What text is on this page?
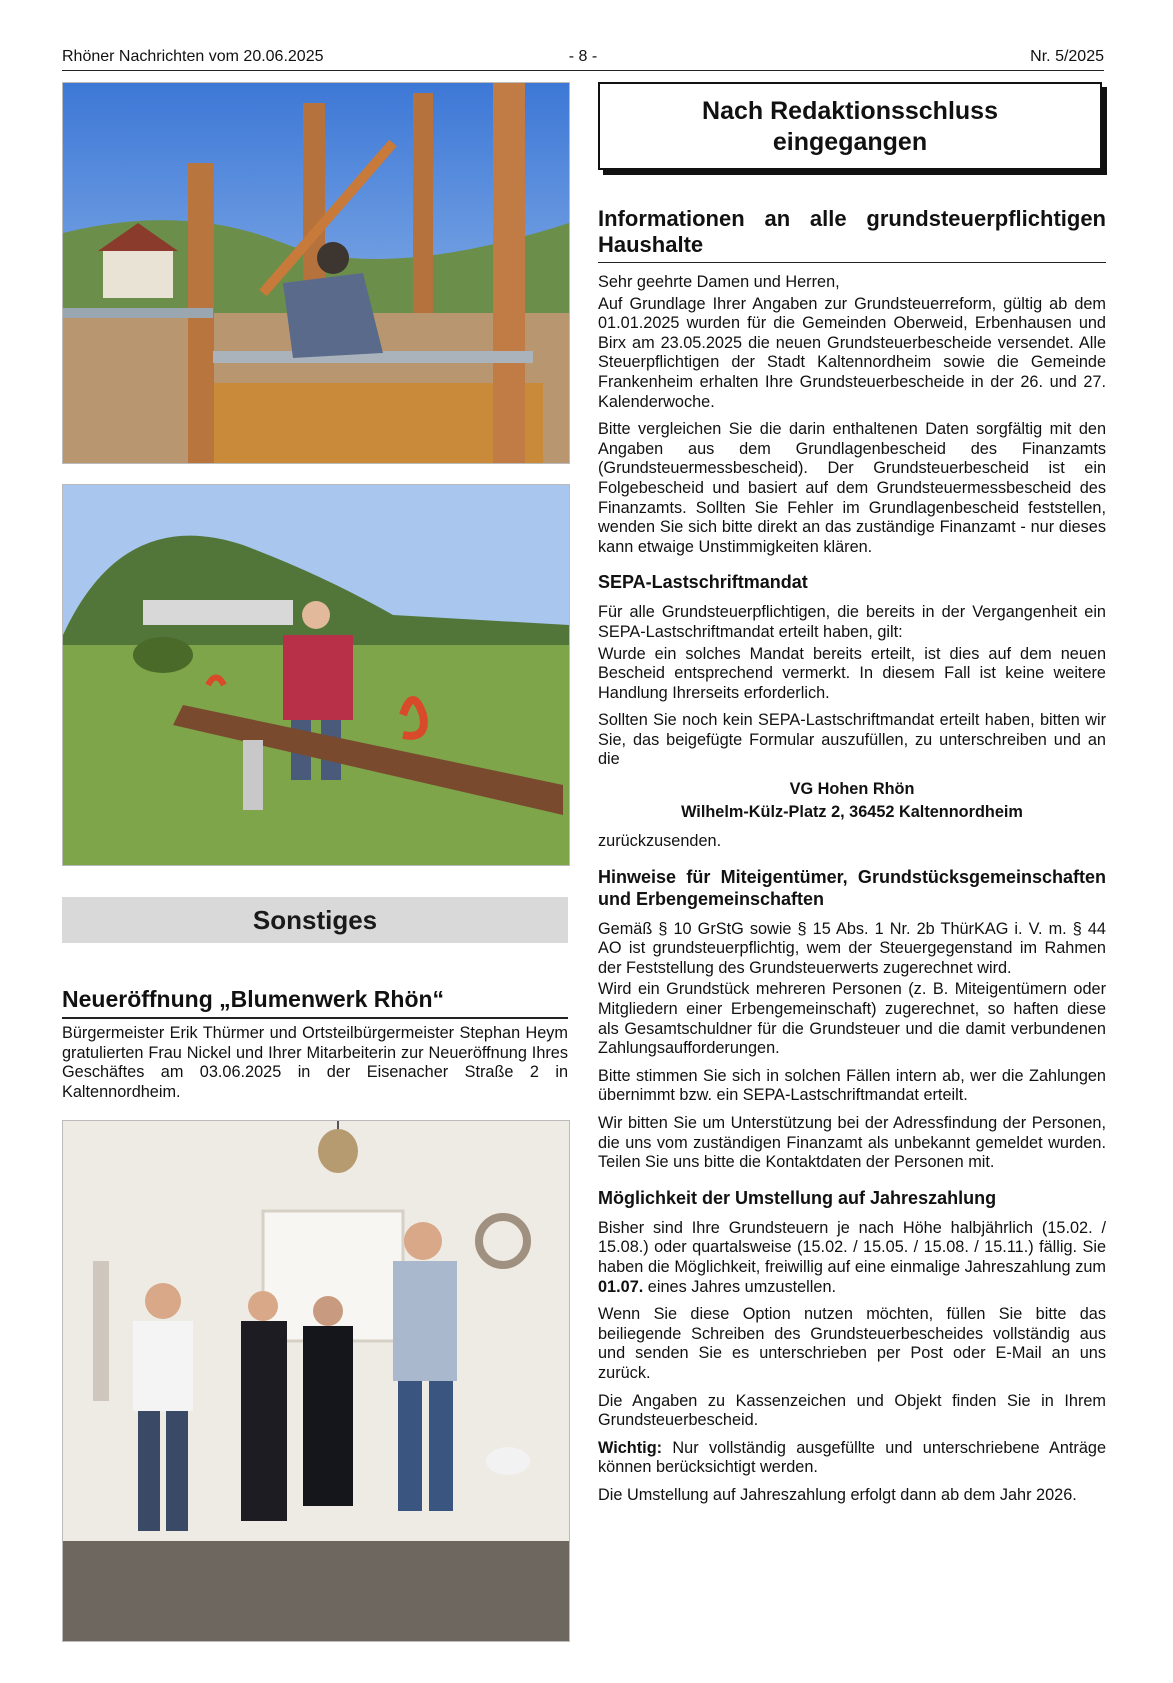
Rhöner Nachrichten vom 20.06.2025	- 8 -	Nr. 5/2025
Sonstiges
Neueröffnung „Blumenwerk Rhön“
Bürgermeister Erik Thürmer und Ortsteilbürgermeister Stephan Heym gratulierten Frau Nickel und Ihrer Mitarbeiterin zur Neueröffnung Ihres Geschäftes am 03.06.2025 in der Eisenacher Straße 2 in Kaltennordheim.
Nach Redaktionsschluss
eingegangen
Informationen an alle grundsteuerpflichtigen Haushalte

Sehr geehrte Damen und Herren,

Auf Grundlage Ihrer Angaben zur Grundsteuerreform, gültig ab dem 01.01.2025 wurden für die Gemeinden Oberweid, Erbenhausen und Birx am 23.05.2025 die neuen Grundsteuerbescheide versendet. Alle Steuerpflichtigen der Stadt Kaltennordheim sowie die Gemeinde Frankenheim erhalten Ihre Grundsteuerbescheide in der 26. und 27. Kalenderwoche.

Bitte vergleichen Sie die darin enthaltenen Daten sorgfältig mit den Angaben aus dem Grundlagenbescheid des Finanzamts (Grundsteuermessbescheid). Der Grundsteuerbescheid ist ein Folgebescheid und basiert auf dem Grundsteuermessbescheid des Finanzamts. Sollten Sie Fehler im Grundlagenbescheid feststellen, wenden Sie sich bitte direkt an das zuständige Finanzamt - nur dieses kann etwaige Unstimmigkeiten klären.

SEPA-Lastschriftmandat

Für alle Grundsteuerpflichtigen, die bereits in der Vergangenheit ein SEPA-Lastschriftmandat erteilt haben, gilt:

Wurde ein solches Mandat bereits erteilt, ist dies auf dem neuen Bescheid entsprechend vermerkt. In diesem Fall ist keine weitere Handlung Ihrerseits erforderlich.

Sollten Sie noch kein SEPA-Lastschriftmandat erteilt haben, bitten wir Sie, das beigefügte Formular auszufüllen, zu unterschreiben und an die

VG Hohen Rhön
Wilhelm-Külz-Platz 2, 36452 Kaltennordheim

zurückzusenden.

Hinweise für Miteigentümer, Grundstücksgemeinschaften und Erbengemeinschaften

Gemäß § 10 GrStG sowie § 15 Abs. 1 Nr. 2b ThürKAG i. V. m. § 44 AO ist grundsteuerpflichtig, wem der Steuergegenstand im Rahmen der Feststellung des Grundsteuerwerts zugerechnet wird.

Wird ein Grundstück mehreren Personen (z. B. Miteigentümern oder Mitgliedern einer Erbengemeinschaft) zugerechnet, so haften diese als Gesamtschuldner für die Grundsteuer und die damit verbundenen Zahlungsaufforderungen.

Bitte stimmen Sie sich in solchen Fällen intern ab, wer die Zahlungen übernimmt bzw. ein SEPA-Lastschriftmandat erteilt.

Wir bitten Sie um Unterstützung bei der Adressfindung der Personen, die uns vom zuständigen Finanzamt als unbekannt gemeldet wurden. Teilen Sie uns bitte die Kontaktdaten der Personen mit.

Möglichkeit der Umstellung auf Jahreszahlung

Bisher sind Ihre Grundsteuern je nach Höhe halbjährlich (15.02. / 15.08.) oder quartalsweise (15.02. / 15.05. / 15.08. / 15.11.) fällig. Sie haben die Möglichkeit, freiwillig auf eine einmalige Jahreszahlung zum 01.07. eines Jahres umzustellen.

Wenn Sie diese Option nutzen möchten, füllen Sie bitte das beiliegende Schreiben des Grundsteuerbescheides vollständig aus und senden Sie es unterschrieben per Post oder E-Mail an uns zurück.

Die Angaben zu Kassenzeichen und Objekt finden Sie in Ihrem Grundsteuerbescheid.

Wichtig: Nur vollständig ausgefüllte und unterschriebene Anträge können berücksichtigt werden.

Die Umstellung auf Jahreszahlung erfolgt dann ab dem Jahr 2026.
